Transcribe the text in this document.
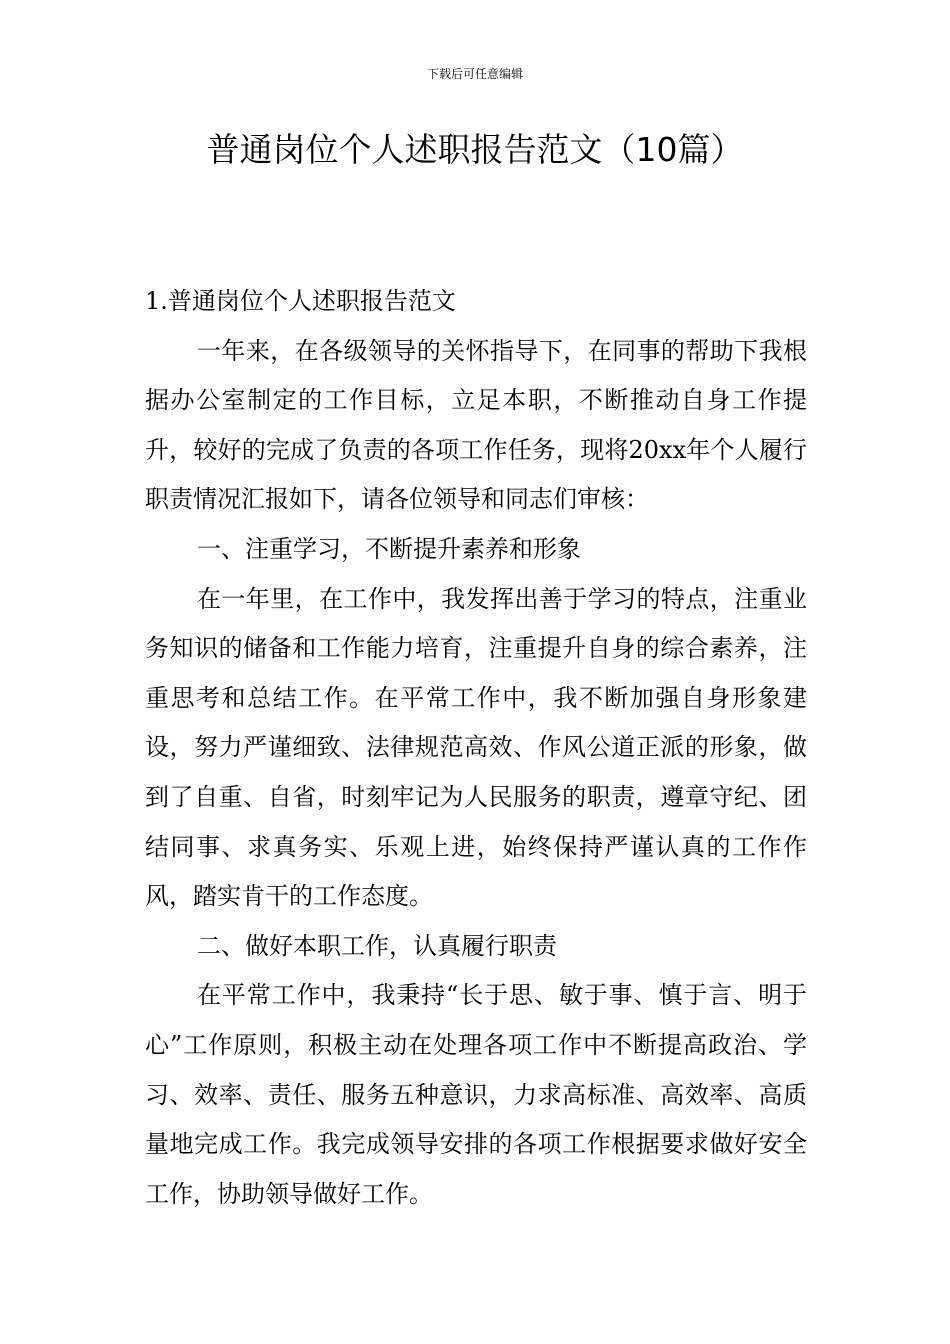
下载后可任意编辑
普通岗位个人述职报告范文（10篇）

1.普通岗位个人述职报告范文

一年来，在各级领导的关怀指导下，在同事的帮助下我根据办公室制定的工作目标，立足本职，不断推动自身工作提升，较好的完成了负责的各项工作任务，现将20xx年个人履行职责情况汇报如下，请各位领导和同志们审核：

一、注重学习，不断提升素养和形象

在一年里，在工作中，我发挥出善于学习的特点，注重业务知识的储备和工作能力培育，注重提升自身的综合素养，注重思考和总结工作。在平常工作中，我不断加强自身形象建设，努力严谨细致、法律规范高效、作风公道正派的形象，做到了自重、自省，时刻牢记为人民服务的职责，遵章守纪、团结同事、求真务实、乐观上进，始终保持严谨认真的工作作风，踏实肯干的工作态度。

二、做好本职工作，认真履行职责

在平常工作中，我秉持“长于思、敏于事、慎于言、明于心”工作原则，积极主动在处理各项工作中不断提高政治、学习、效率、责任、服务五种意识，力求高标准、高效率、高质量地完成工作。我完成领导安排的各项工作根据要求做好安全工作，协助领导做好工作。
